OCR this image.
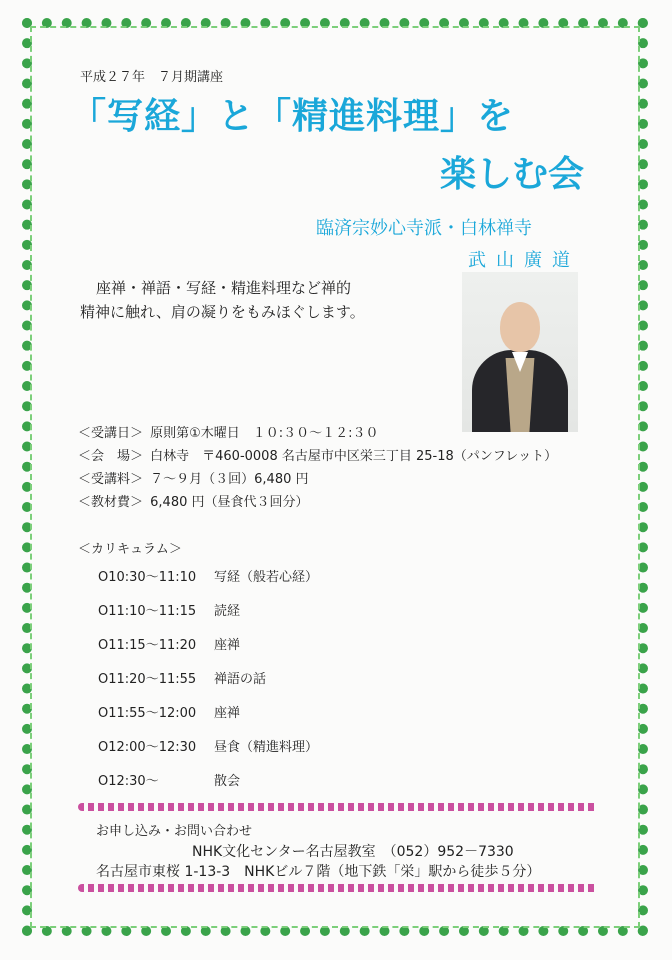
平成２７年　７月期講座
「写経」と「精進料理」を
楽しむ会
臨済宗妙心寺派・白林禅寺
武山廣道
座禅・禅語・写経・精進料理など禅的
精神に触れ、肩の凝りをもみほぐします。
＜受講日＞ 原則第①木曜日　１０:３０～１２:３０
＜会　場＞ 白林寺　〒460-0008 名古屋市中区栄三丁目 25-18（パンフレット）
＜受講料＞ ７～９月（３回）6,480 円
＜教材費＞ 6,480 円（昼食代３回分）
＜カリキュラム＞
O10:30～11:10 写経（般若心経）
O11:10～11:15 読経
O11:15～11:20 座禅
O11:20～11:55 禅語の話
O11:55～12:00 座禅
O12:00～12:30 昼食（精進料理）
O12:30～	散会
お申し込み・お問い合わせ
NHK文化センター名古屋教室　（052）952－7330
名古屋市東桜 1-13-3　NHKビル７階（地下鉄「栄」駅から徒歩５分）
